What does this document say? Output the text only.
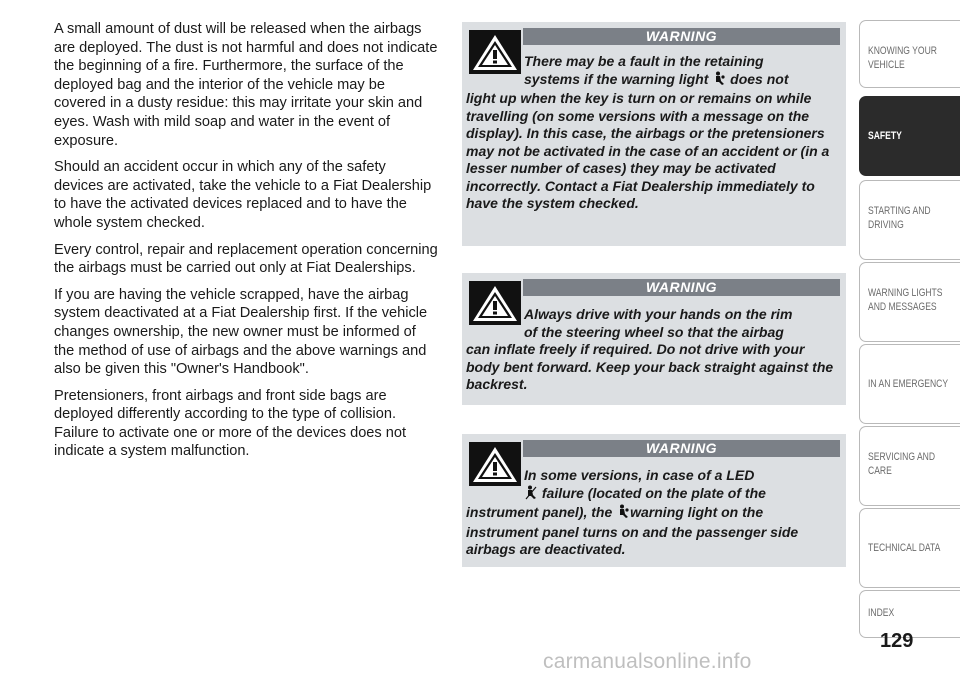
A small amount of dust will be released when the airbags are deployed. The dust is not harmful and does not indicate the beginning of a fire. Furthermore, the surface of the deployed bag and the interior of the vehicle may be covered in a dusty residue: this may irritate your skin and eyes. Wash with mild soap and water in the event of exposure.

Should an accident occur in which any of the safety devices are activated, take the vehicle to a Fiat Dealership to have the activated devices replaced and to have the whole system checked.

Every control, repair and replacement operation concerning the airbags must be carried out only at Fiat Dealerships.

If you are having the vehicle scrapped, have the airbag system deactivated at a Fiat Dealership first. If the vehicle changes ownership, the new owner must be informed of the method of use of airbags and the above warnings and also be given this "Owner's Handbook".

Pretensioners, front airbags and front side bags are deployed differently according to the type of collision. Failure to activate one or more of the devices does not indicate a system malfunction.

WARNING
There may be a fault in the retaining
systems if the warning light does not
light up when the key is turn on or remains on while travelling (on some versions with a message on the display). In this case, the airbags or the pretensioners may not be activated in the case of an accident or (in a lesser number of cases) they may be activated incorrectly. Contact a Fiat Dealership immediately to have the system checked.
WARNING
Always drive with your hands on the rim
of the steering wheel so that the airbag
can inflate freely if required. Do not drive with your body bent forward. Keep your back straight against the backrest.
WARNING
In some versions, in case of a LED
failure (located on the plate of the
instrument panel), the warning light on the instrument panel turns on and the passenger side airbags are deactivated.
KNOWING YOUR
VEHICLE
SAFETY
STARTING AND
DRIVING
WARNING LIGHTS
AND MESSAGES
IN AN EMERGENCY
SERVICING AND
CARE
TECHNICAL DATA
INDEX
129
carmanualsonline.info
